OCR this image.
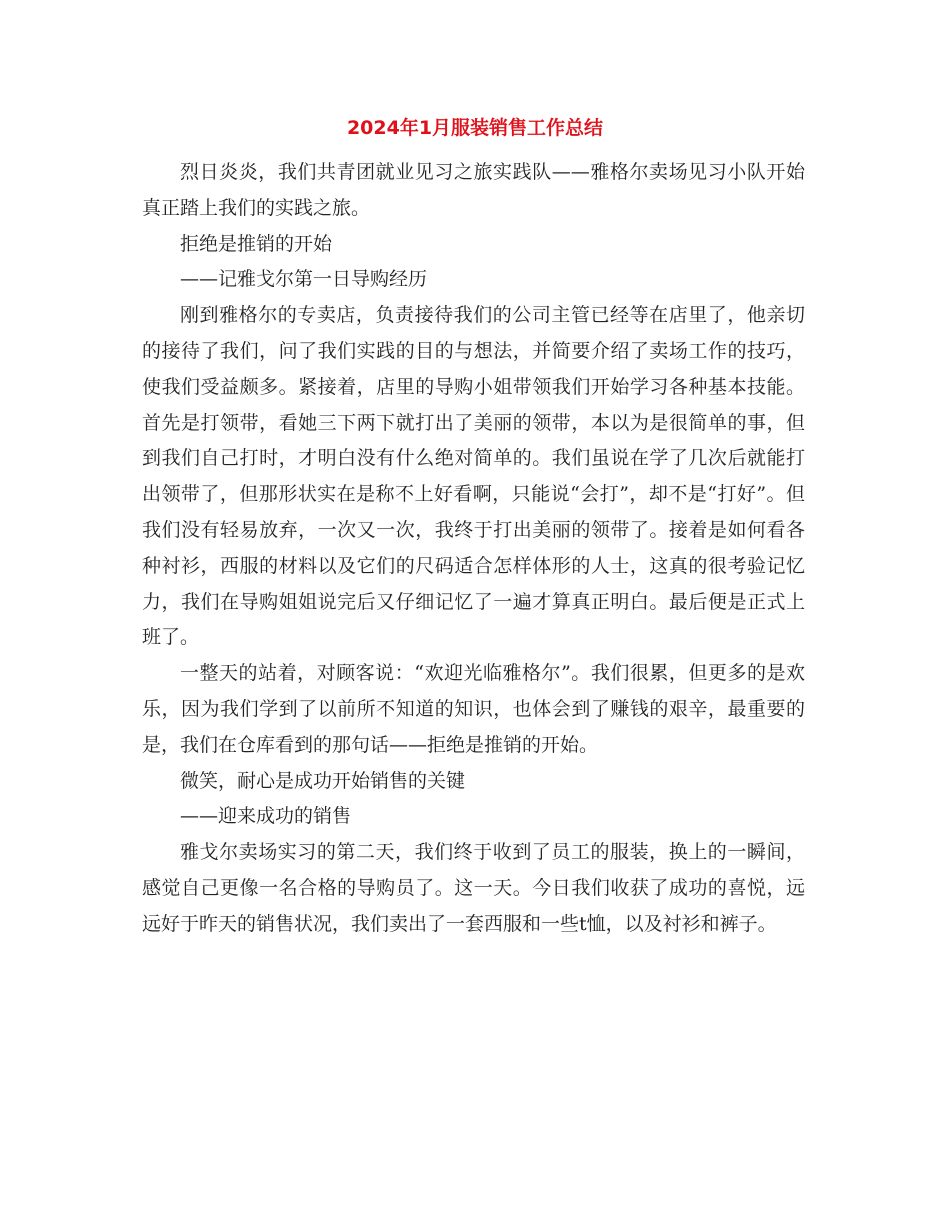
2024年1月服装销售工作总结

烈日炎炎，我们共青团就业见习之旅实践队——雅格尔卖场见习小队开始真正踏上我们的实践之旅。

拒绝是推销的开始

——记雅戈尔第一日导购经历

刚到雅格尔的专卖店，负责接待我们的公司主管已经等在店里了，他亲切的接待了我们，问了我们实践的目的与想法，并简要介绍了卖场工作的技巧，使我们受益颇多。紧接着，店里的导购小姐带领我们开始学习各种基本技能。首先是打领带，看她三下两下就打出了美丽的领带，本以为是很简单的事，但到我们自己打时，才明白没有什么绝对简单的。我们虽说在学了几次后就能打出领带了，但那形状实在是称不上好看啊，只能说“会打”，却不是“打好”。但我们没有轻易放弃，一次又一次，我终于打出美丽的领带了。接着是如何看各种衬衫，西服的材料以及它们的尺码适合怎样体形的人士，这真的很考验记忆力，我们在导购姐姐说完后又仔细记忆了一遍才算真正明白。最后便是正式上班了。

一整天的站着，对顾客说：“欢迎光临雅格尔”。我们很累，但更多的是欢乐，因为我们学到了以前所不知道的知识，也体会到了赚钱的艰辛，最重要的是，我们在仓库看到的那句话——拒绝是推销的开始。

微笑，耐心是成功开始销售的关键

——迎来成功的销售

雅戈尔卖场实习的第二天，我们终于收到了员工的服装，换上的一瞬间，感觉自己更像一名合格的导购员了。这一天。今日我们收获了成功的喜悦，远远好于昨天的销售状况，我们卖出了一套西服和一些t恤，以及衬衫和裤子。
